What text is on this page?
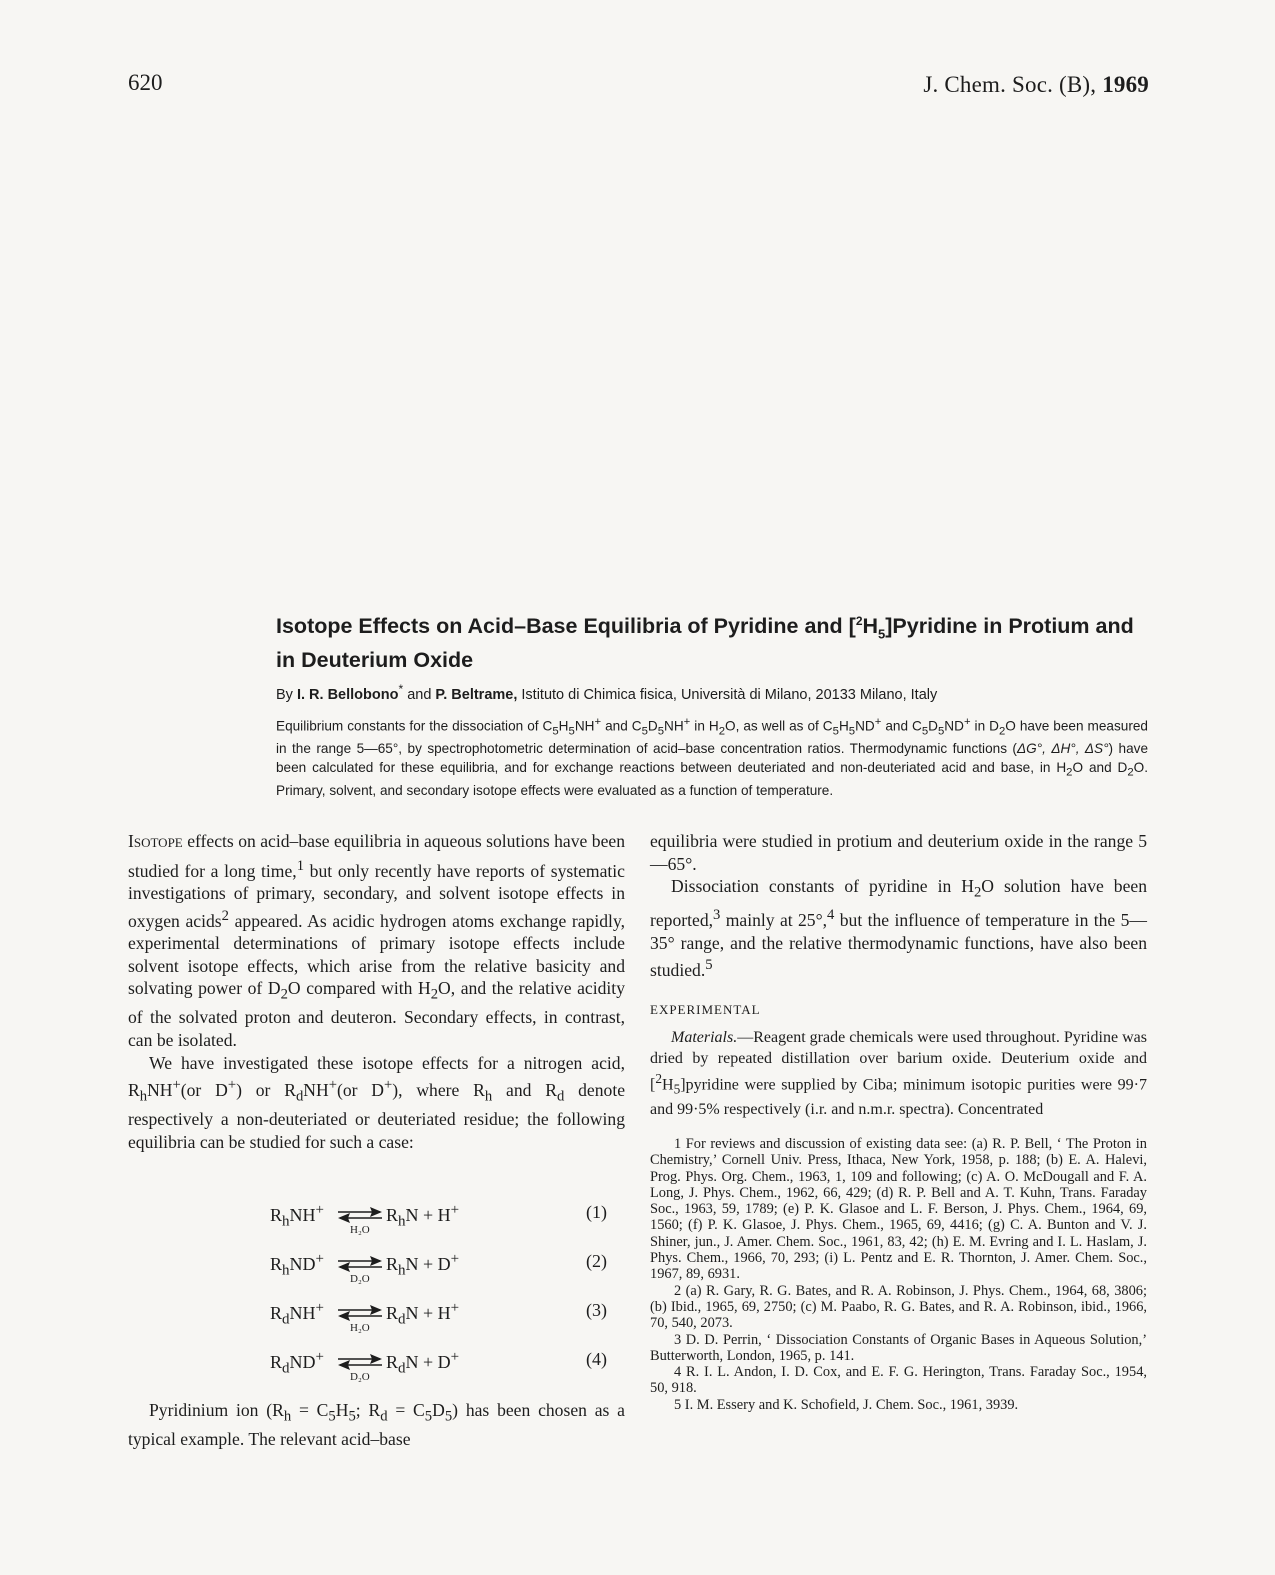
620	J. Chem. Soc. (B), 1969
Isotope Effects on Acid–Base Equilibria of Pyridine and $[^2H_5]Pyridine$ in Protium and in Deuterium Oxide
By I. R. Bellobono* and P. Beltrame, Istituto di Chimica fisica, Università di Milano, 20133 Milano, Italy
Equilibrium constants for the dissociation of $C_5H_5NH^+$ and $C_5D_5NH^+$ in $H_2O$, as well as of $C_5H_5ND^+$ and $C_5D_5ND^+$ in $D_2O$ have been measured in the range 5—65°, by spectrophotometric determination of acid–base concentration ratios. Thermodynamic functions (ΔG°, ΔH°, ΔS°) have been calculated for these equilibria, and for exchange reactions between deuteriated and non-deuteriated acid and base, in $H_2O$ and $D_2O$. Primary, solvent, and secondary isotope effects were evaluated as a function of temperature.

ISOTOPE effects on acid–base equilibria in aqueous solutions have been studied for a long time,$^1$ but only recently have reports of systematic investigations of primary, secondary, and solvent isotope effects in oxygen acids$^2$ appeared. As acidic hydrogen atoms exchange rapidly, experimental determinations of primary isotope effects include solvent isotope effects, which arise from the relative basicity and solvating power of $D_2O$ compared with $H_2O$, and the relative acidity of the solvated proton and deuteron. Secondary effects, in contrast, can be isolated.

We have investigated these isotope effects for a nitrogen acid, $R_hNH^+(or$ D+) or $R_dNH^+(or$ D+), where $R_h$ and $R_d$ denote respectively a non-deuteriated or deuteriated residue; the following equilibria can be studied for such a case:

$R_hNH^+$ ⇌
H₂O
$R_hN + H^+$	(1)
$R_hND^+$ ⇌
D₂O
$R_hN + D^+$	(2)
$R_dNH^+$ ⇌
H₂O
$R_dN + H^+$	(3)
$R_dND^+$ ⇌
D₂O
$R_dN + D^+$	(4)

Pyridinium ion ($R_h = C_5H_5$; $R_d = C_5D_5$) has been chosen as a typical example. The relevant acid–base

equilibria were studied in protium and deuterium oxide in the range 5—65°.

Dissociation constants of pyridine in $H_2O$ solution have been reported,$^3$ mainly at 25°,$^4$ but the influence of temperature in the 5—35° range, and the relative thermodynamic functions, have also been studied.$^5$

EXPERIMENTAL

Materials.—Reagent grade chemicals were used throughout. Pyridine was dried by repeated distillation over barium oxide. Deuterium oxide and $[^2H_5]pyridine$ were supplied by Ciba; minimum isotopic purities were 99·7 and 99·5% respectively (i.r. and n.m.r. spectra). Concentrated

1 For reviews and discussion of existing data see: (a) R. P. Bell, ‘ The Proton in Chemistry,’ Cornell Univ. Press, Ithaca, New York, 1958, p. 188; (b) E. A. Halevi, Prog. Phys. Org. Chem., 1963, 1, 109 and following; (c) A. O. McDougall and F. A. Long, J. Phys. Chem., 1962, 66, 429; (d) R. P. Bell and A. T. Kuhn, Trans. Faraday Soc., 1963, 59, 1789; (e) P. K. Glasoe and L. F. Berson, J. Phys. Chem., 1964, 69, 1560; (f) P. K. Glasoe, J. Phys. Chem., 1965, 69, 4416; (g) C. A. Bunton and V. J. Shiner, jun., J. Amer. Chem. Soc., 1961, 83, 42; (h) E. M. Evring and I. L. Haslam, J. Phys. Chem., 1966, 70, 293; (i) L. Pentz and E. R. Thornton, J. Amer. Chem. Soc., 1967, 89, 6931.

2 (a) R. Gary, R. G. Bates, and R. A. Robinson, J. Phys. Chem., 1964, 68, 3806; (b) Ibid., 1965, 69, 2750; (c) M. Paabo, R. G. Bates, and R. A. Robinson, ibid., 1966, 70, 540, 2073.

3 D. D. Perrin, ‘ Dissociation Constants of Organic Bases in Aqueous Solution,’ Butterworth, London, 1965, p. 141.

4 R. I. L. Andon, I. D. Cox, and E. F. G. Herington, Trans. Faraday Soc., 1954, 50, 918.

5 I. M. Essery and K. Schofield, J. Chem. Soc., 1961, 3939.
